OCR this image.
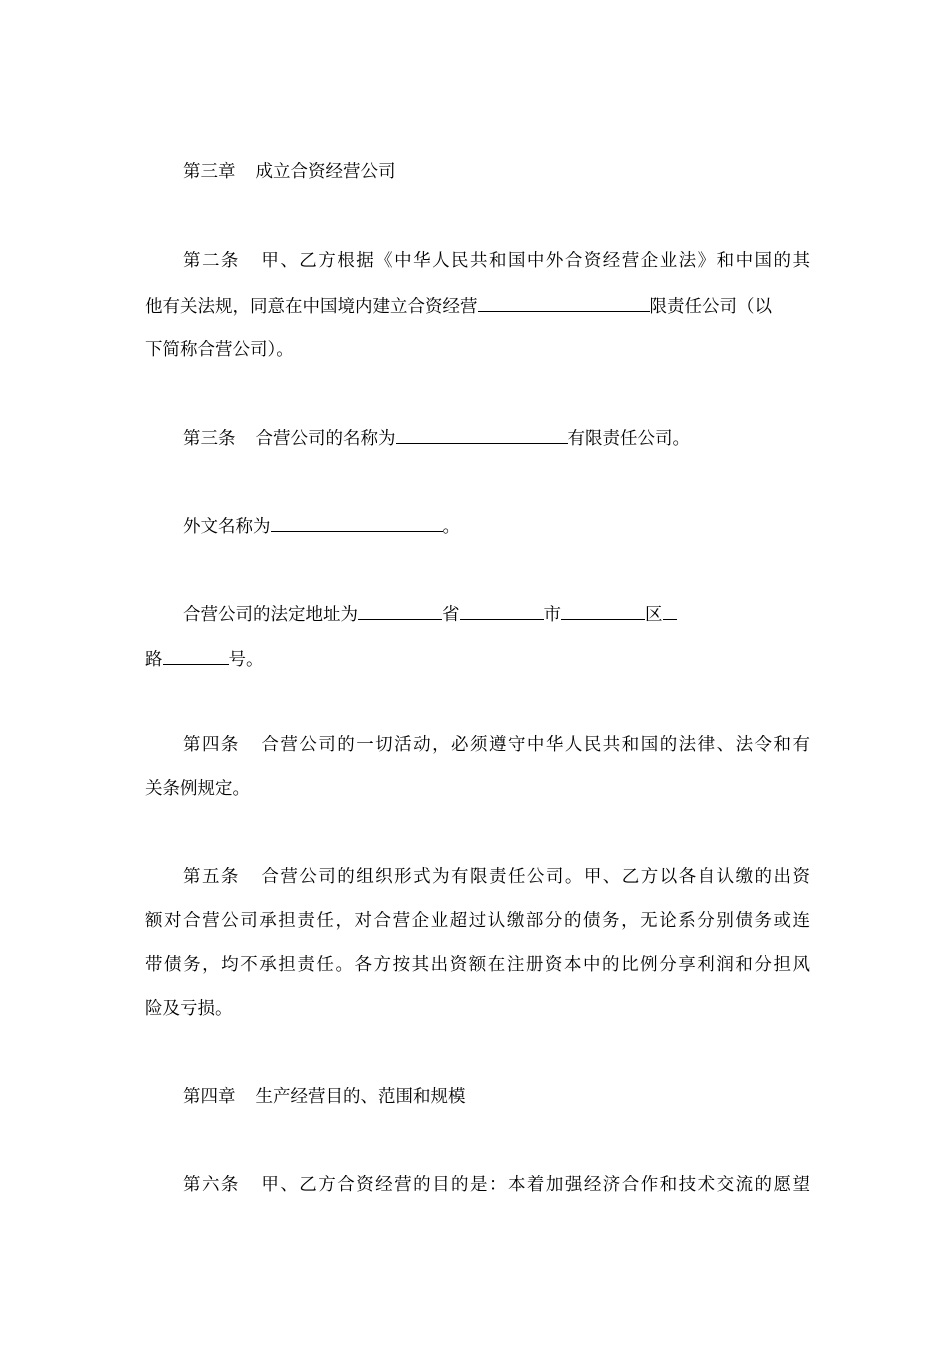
第三章 成立合资经营公司
第二条 甲、乙方根据《中华人民共和国中外合资经营企业法》和中国的其
他有关法规，同意在中国境内建立合资经营	限责任公司（以
下简称合营公司）。
第三条 合营公司的名称为	有限责任公司。
外文名称为	。
合营公司的法定地址为	省	市	区
路	号。
第四条 合营公司的一切活动，必须遵守中华人民共和国的法律、法令和有
关条例规定。
第五条 合营公司的组织形式为有限责任公司。甲、乙方以各自认缴的出资
额对合营公司承担责任，对合营企业超过认缴部分的债务，无论系分别债务或连
带债务，均不承担责任。各方按其出资额在注册资本中的比例分享利润和分担风
险及亏损。
第四章 生产经营目的、范围和规模
第六条 甲、乙方合资经营的目的是：本着加强经济合作和技术交流的愿望
